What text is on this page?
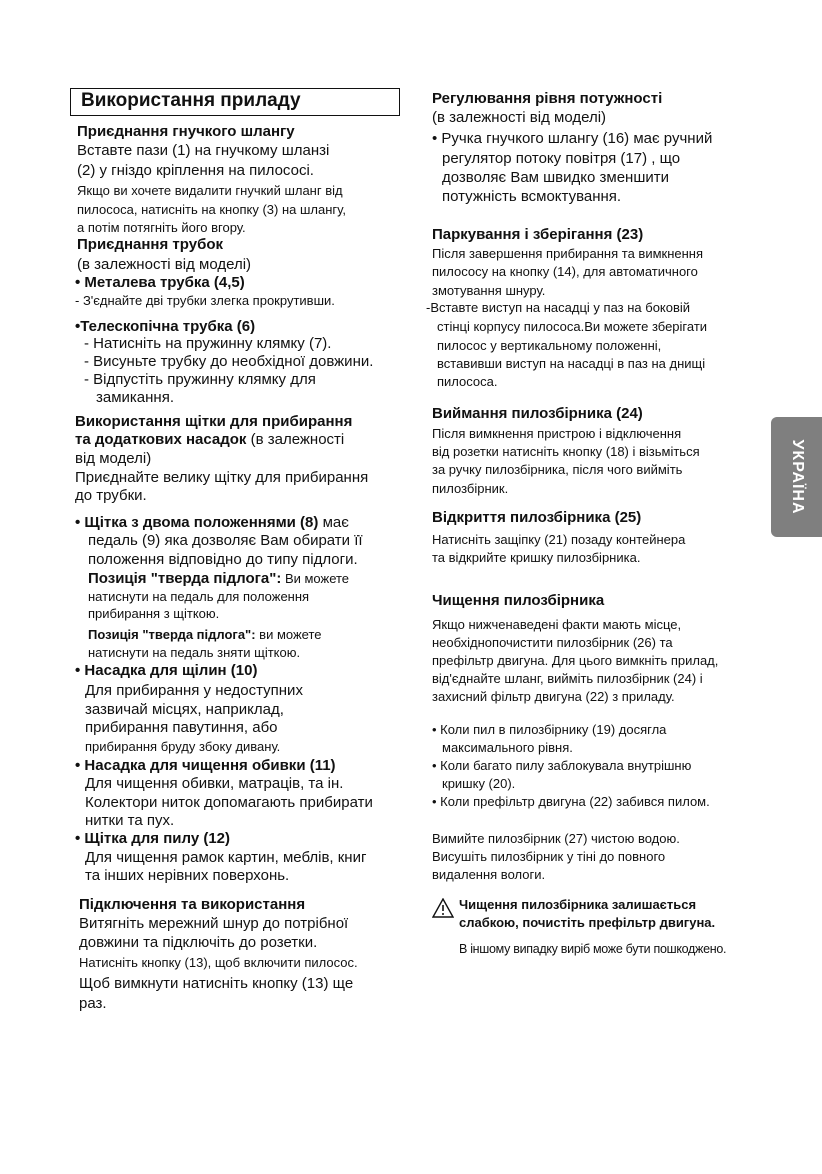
Використання приладу
УКРАЇНА

Приєднання гнучкого шлангу

Вставте пази (1) на гнучкому шланзі

(2) у гніздо кріплення на пилососі.

Якщо ви хочете видалити гнучкий шланг від

пилососа, натисніть на кнопку (3) на шлангу,

а потім потягніть його вгору.

Приєднання трубок

(в залежності від моделі)

• Металева трубка (4,5)

- З'єднайте дві трубки злегка прокрутивши.

•Телескопічна трубка (6)

- Натисніть на пружинну клямку (7).

- Висуньте трубку до необхідної довжини.

- Відпустіть пружинну клямку для

замикання.

Використання щітки для прибирання

та додаткових насадок (в залежності

від моделі)

Приєднайте велику щітку для прибирання

до трубки.

• Щітка з двома положеннями (8) має

педаль (9) яка дозволяє Вам обирати її

положення відповідно до типу підлоги.

Позиція "тверда підлога": Ви можете

натиснути на педаль для положення

прибирання з щіткою.

Позиція "тверда підлога": ви можете

натиснути на педаль зняти щіткою.

• Насадка для щілин (10)

Для прибирання у недоступних

зазвичай місцях, наприклад,

прибирання павутиння, або

прибирання бруду збоку дивану.

• Насадка для чищення обивки (11)

Для чищення обивки, матраців, та ін.

Колектори ниток допомагають прибирати

нитки та пух.

• Щітка для пилу (12)

Для чищення рамок картин, меблів, книг

та інших нерівних поверхонь.

Підключення та використання

Витягніть мережний шнур до потрібної

довжини та підключіть до розетки.

Натисніть кнопку (13), щоб включити пилосос.

Щоб вимкнути натисніть кнопку (13) ще

раз.

Регулювання рівня потужності

(в залежності від моделі)

• Ручка гнучкого шлангу (16) має ручний

регулятор потоку повітря (17) , що

дозволяє Вам швидко зменшити

потужність всмоктування.

Паркування і зберігання (23)

Після завершення прибирання та вимкнення

пилососу на кнопку (14), для автоматичного

змотування шнуру.

-Вставте виступ на насадці у паз на боковій

стінці корпусу пилососа.Ви можете зберігати

пилосос у вертикальному положенні,

вставивши виступ на насадці в паз на днищі

пилососа.

Виймання пилозбірника (24)

Після вимкнення пристрою і відключення

від розетки натисніть кнопку (18) і візьміться

за ручку пилозбірника, після чого вийміть

пилозбірник.

Відкриття пилозбірника (25)

Натисніть защіпку (21) позаду контейнера

та відкрийте кришку пилозбірника.

Чищення пилозбірника

Якщо нижченаведені факти мають місце,

необхіднопочистити пилозбірник (26) та

префільтр двигуна. Для цього вимкніть прилад,

від'єднайте шланг, вийміть пилозбірник (24) і

захисний фільтр двигуна (22) з приладу.

• Коли пил в пилозбірнику (19) досягла

максимального рівня.

• Коли багато пилу заблокувала внутрішню

кришку (20).

• Коли префільтр двигуна (22) забився пилом.

Вимийте пилозбірник (27) чистою водою.

Висушіть пилозбірник у тіні до повного

видалення вологи.

Чищення пилозбірника залишається

слабкою, почистіть префільтр двигуна.

В іншому випадку виріб може бути пошкоджено.
